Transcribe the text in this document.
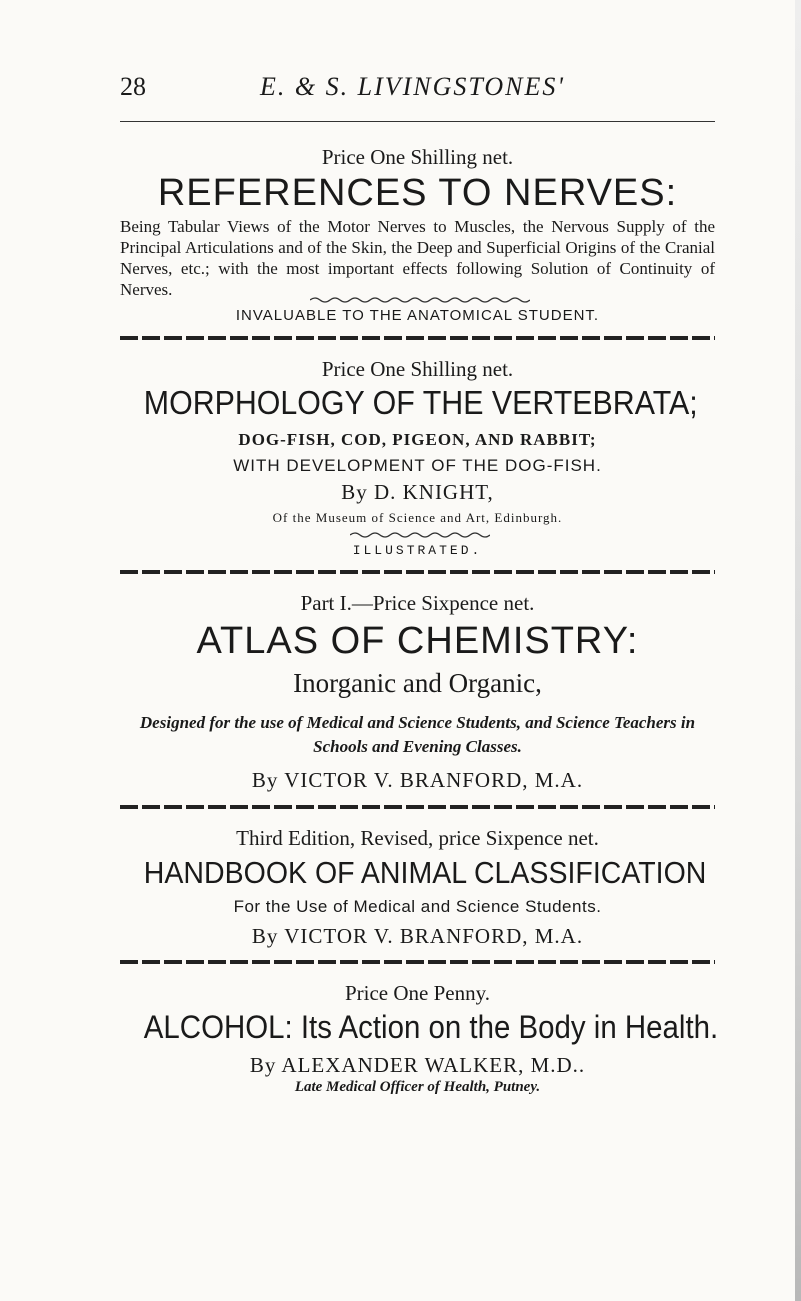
28	E. & S. LIVINGSTONES'
Price One Shilling net.
REFERENCES TO NERVES:
Being Tabular Views of the Motor Nerves to Muscles, the Nervous Supply of the Principal Articulations and of the Skin, the Deep and Superficial Origins of the Cranial Nerves, etc.; with the most important effects following Solution of Continuity of Nerves.
INVALUABLE TO THE ANATOMICAL STUDENT.
Price One Shilling net.
MORPHOLOGY OF THE VERTEBRATA;
DOG-FISH, COD, PIGEON, AND RABBIT;
WITH DEVELOPMENT OF THE DOG-FISH.
By D. KNIGHT,
Of the Museum of Science and Art, Edinburgh.
ILLUSTRATED.
Part I.—Price Sixpence net.
ATLAS OF CHEMISTRY:
Inorganic and Organic,
Designed for the use of Medical and Science Students, and Science Teachers in Schools and Evening Classes.
By VICTOR V. BRANFORD, M.A.
Third Edition, Revised, price Sixpence net.
HANDBOOK OF ANIMAL CLASSIFICATION
For the Use of Medical and Science Students.
By VICTOR V. BRANFORD, M.A.
Price One Penny.
ALCOHOL: Its Action on the Body in Health.
By ALEXANDER WALKER, M.D..
Late Medical Officer of Health, Putney.
